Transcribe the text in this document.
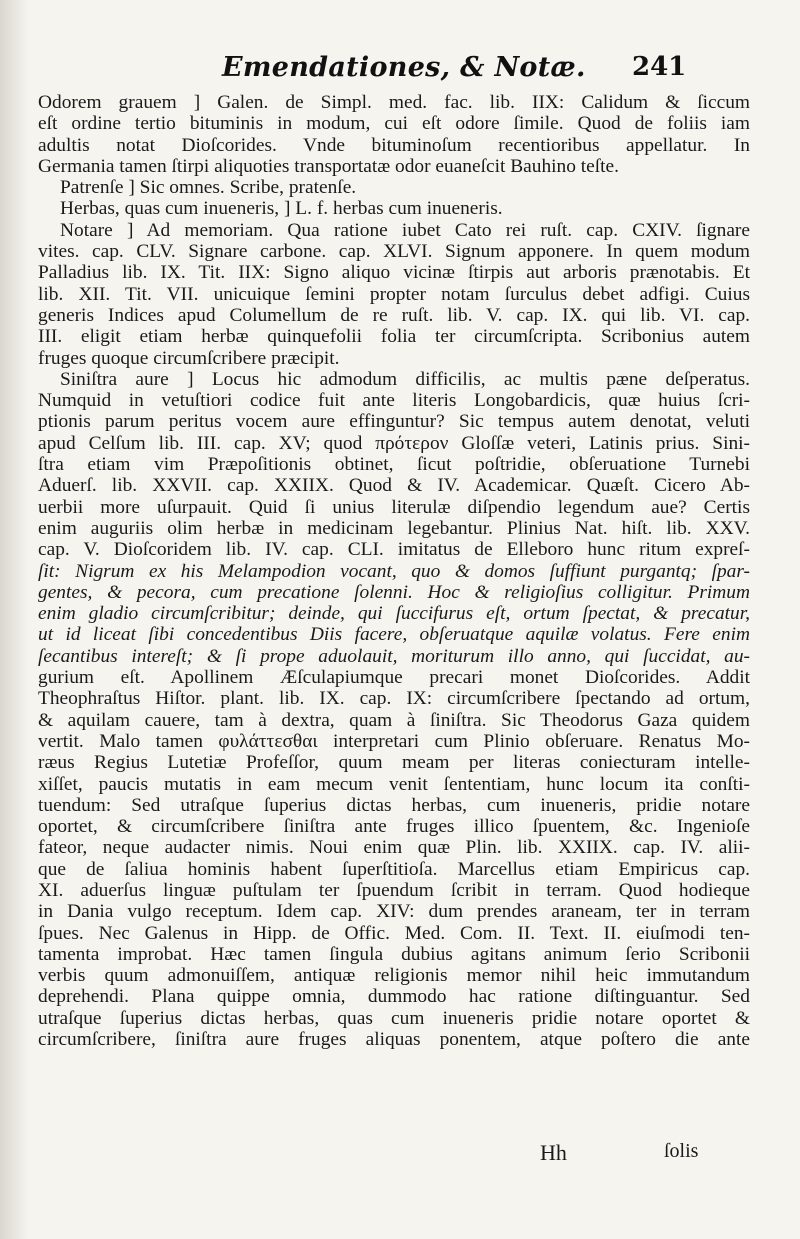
Emendationes, & Notæ. 241
Odorem grauem ] Galen. de Simpl. med. fac. lib. IIX: Calidum & ſiccum
eſt ordine tertio bituminis in modum, cui eſt odore ſimile. Quod de foliis iam
adultis notat Dioſcorides. Vnde bituminoſum recentioribus appellatur. In
Germania tamen ſtirpi aliquoties transportatæ odor euaneſcit Bauhino teſte.
Patrenſe ] Sic omnes. Scribe, pratenſe.
Herbas, quas cum inueneris, ] L. f. herbas cum inueneris.
Notare ] Ad memoriam. Qua ratione iubet Cato rei ruſt. cap. CXIV. ſignare
vites. cap. CLV. Signare carbone. cap. XLVI. Signum apponere. In quem modum
Palladius lib. IX. Tit. IIX: Signo aliquo vicinæ ſtirpis aut arboris prænotabis. Et
lib. XII. Tit. VII. unicuique ſemini propter notam ſurculus debet adfigi. Cuius
generis Indices apud Columellum de re ruſt. lib. V. cap. IX. qui lib. VI. cap.
III. eligit etiam herbæ quinquefolii folia ter circumſcripta. Scribonius autem
fruges quoque circumſcribere præcipit.
Siniſtra aure ] Locus hic admodum difficilis, ac multis pæne deſperatus.
Numquid in vetuſtiori codice fuit ante literis Longobardicis, quæ huius ſcri-
ptionis parum peritus vocem aure effinguntur? Sic tempus autem denotat, veluti
apud Celſum lib. III. cap. XV; quod πρότερον Gloſſæ veteri, Latinis prius. Sini-
ſtra etiam vim Præpoſitionis obtinet, ſicut poſtridie, obſeruatione Turnebi
Aduerſ. lib. XXVII. cap. XXIIX. Quod & IV. Academicar. Quæſt. Cicero Ab-
uerbii more uſurpauit. Quid ſi unius literulæ diſpendio legendum aue? Certis
enim auguriis olim herbæ in medicinam legebantur. Plinius Nat. hiſt. lib. XXV.
cap. V. Dioſcoridem lib. IV. cap. CLI. imitatus de Elleboro hunc ritum expreſ-
ſit: Nigrum ex his Melampodion vocant, quo & domos ſuffiunt purgantq; ſpar-
gentes, & pecora, cum precatione ſolenni. Hoc & religioſius colligitur. Primum
enim gladio circumſcribitur; deinde, qui ſuccifurus eſt, ortum ſpectat, & precatur,
ut id liceat ſibi concedentibus Diis facere, obſeruatque aquilæ volatus. Fere enim
ſecantibus intereſt; & ſi prope aduolauit, moriturum illo anno, qui ſuccidat, au-
gurium eſt. Apollinem Æſculapiumque precari monet Dioſcorides. Addit
Theophraſtus Hiſtor. plant. lib. IX. cap. IX: circumſcribere ſpectando ad ortum,
& aquilam cauere, tam à dextra, quam à ſiniſtra. Sic Theodorus Gaza quidem
vertit. Malo tamen φυλάττεσθαι interpretari cum Plinio obſeruare. Renatus Mo-
ræus Regius Lutetiæ Profeſſor, quum meam per literas coniecturam intelle-
xiſſet, paucis mutatis in eam mecum venit ſententiam, hunc locum ita conſti-
tuendum: Sed utraſque ſuperius dictas herbas, cum inueneris, pridie notare
oportet, & circumſcribere ſiniſtra ante fruges illico ſpuentem, &c. Ingenioſe
fateor, neque audacter nimis. Noui enim quæ Plin. lib. XXIIX. cap. IV. alii-
que de ſaliua hominis habent ſuperſtitioſa. Marcellus etiam Empiricus cap.
XI. aduerſus linguæ puſtulam ter ſpuendum ſcribit in terram. Quod hodieque
in Dania vulgo receptum. Idem cap. XIV: dum prendes araneam, ter in terram
ſpues. Nec Galenus in Hipp. de Offic. Med. Com. II. Text. II. eiuſmodi ten-
tamenta improbat. Hæc tamen ſingula dubius agitans animum ſerio Scribonii
verbis quum admonuiſſem, antiquæ religionis memor nihil heic immutandum
deprehendi. Plana quippe omnia, dummodo hac ratione diſtinguantur. Sed
utraſque ſuperius dictas herbas, quas cum inueneris pridie notare oportet &
circumſcribere, ſiniſtra aure fruges aliquas ponentem, atque poſtero die ante
Hh	ſolis
